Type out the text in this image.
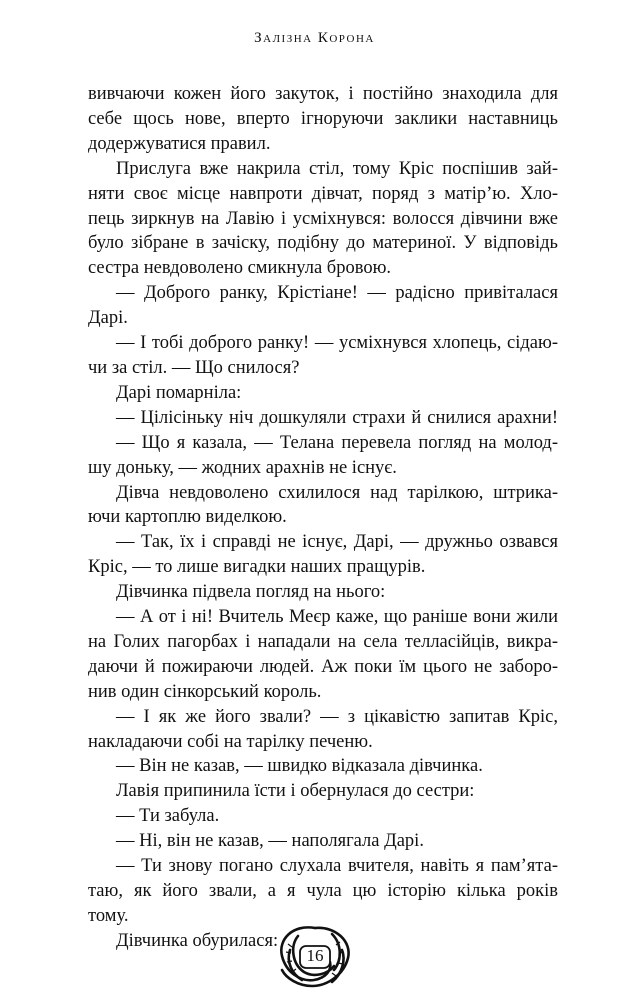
Залізна Корона
вивчаючи кожен його закуток, і постійно знаходила для
себе щось нове, вперто ігноруючи заклики наставниць
додержуватися правил.
Прислуга вже накрила стіл, тому Кріс поспішив зай-
няти своє місце навпроти дівчат, поряд з матір’ю. Хло-
пець зиркнув на Лавію і усміхнувся: волосся дівчини вже
було зібране в зачіску, подібну до материної. У відповідь
сестра невдоволено смикнула бровою.
— Доброго ранку, Крістіане! — радісно привіталася
Дарі.
— І тобі доброго ранку! — усміхнувся хлопець, сідаю-
чи за стіл. — Що снилося?
Дарі помарніла:
— Цілісіньку ніч дошкуляли страхи й снилися арахни!
— Що я казала, — Телана перевела погляд на молод-
шу доньку, — жодних арахнів не існує.
Дівча невдоволено схилилося над тарілкою, штрика-
ючи картоплю виделкою.
— Так, їх і справді не існує, Дарі, — дружньо озвався
Кріс, — то лише вигадки наших пращурів.
Дівчинка підвела погляд на нього:
— А от і ні! Вчитель Меєр каже, що раніше вони жили
на Голих пагорбах і нападали на села телласійців, викра-
даючи й пожираючи людей. Аж поки їм цього не заборо-
нив один сінкорський король.
— І як же його звали? — з цікавістю запитав Кріс,
накладаючи собі на тарілку печеню.
— Він не казав, — швидко відказала дівчинка.
Лавія припинила їсти і обернулася до сестри:
— Ти забула.
— Ні, він не казав, — наполягала Дарі.
— Ти знову погано слухала вчителя, навіть я пам’ята-
таю, як його звали, а я чула цю історію кілька років
тому.
Дівчинка обурилася:
16
